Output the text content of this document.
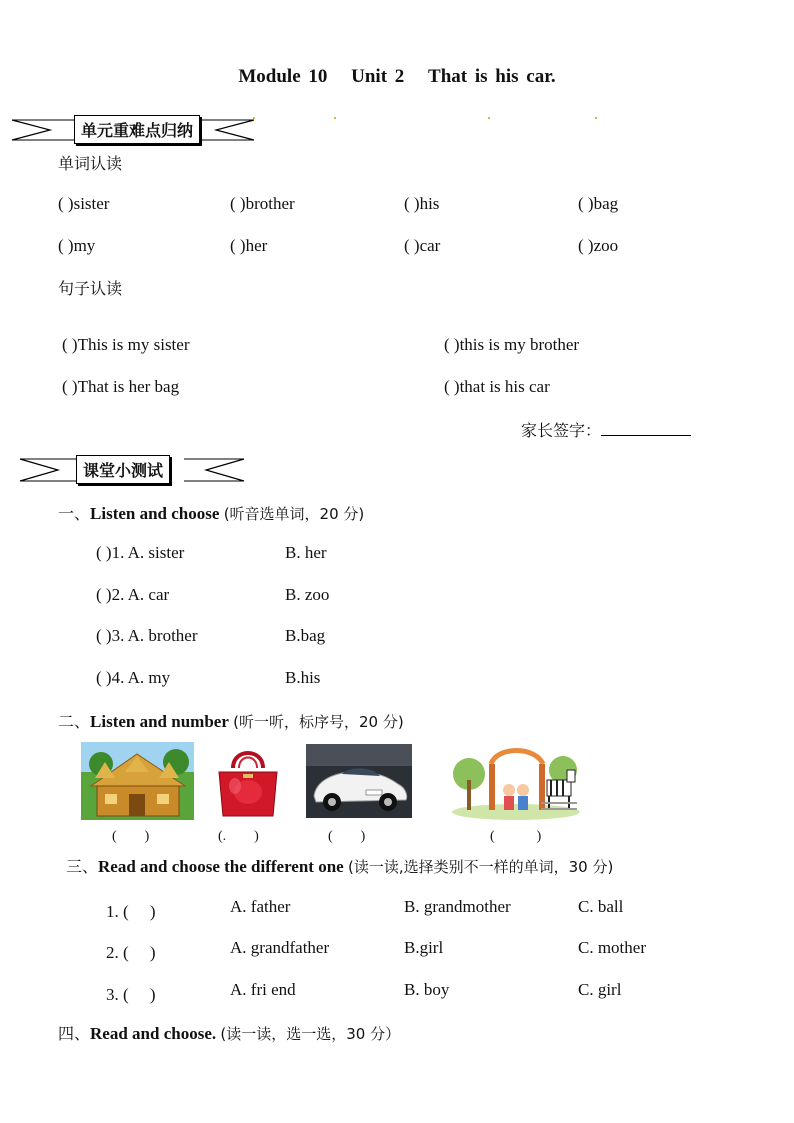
Module 10 Unit 2 That is his car.
单元重难点归纳
单词认读
( )sister	( )brother	( )his	( )bag
( )my	( )her	( )car	( )zoo
句子认读
( )This is my sister	( )this is my brother
( )That is her bag	( )that is his car
家长签字：
课堂小测试
一、Listen and choose (听音选单词，20 分)
( )1. A. sister	B. her
( )2. A. car	B. zoo
( )3. A. brother	B.bag
( )4. A. my	B.his
二、Listen and number (听一听，标序号，20 分)
(　　)	(.　　)	(　　)	(　　　)
三、Read and choose the different one (读一读,选择类别不一样的单词，30 分)
1. (　 )	A. father	B. grandmother	C. ball
2. (　 )	A. grandfather	B.girl	C. mother
3. (　 )	A. fri end	B. boy	C. girl
四、Read and choose. (读一读，选一选，30 分）
